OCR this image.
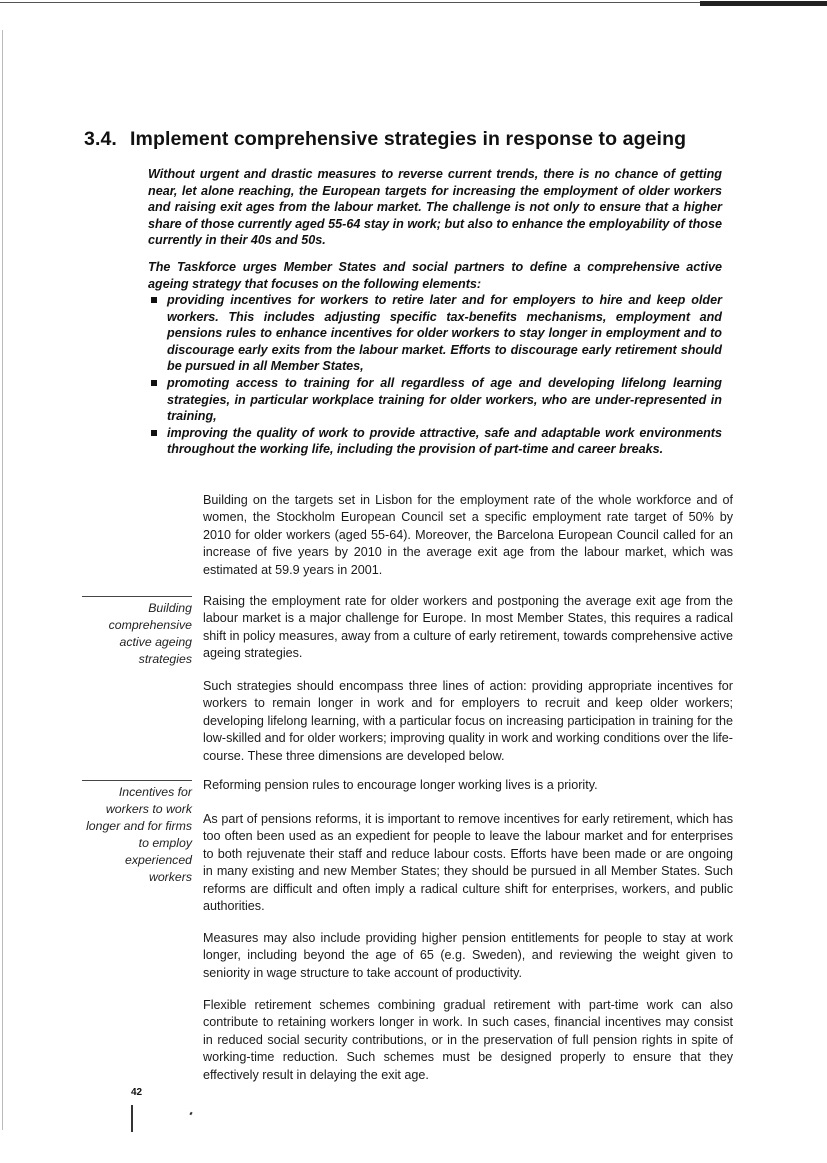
3.4. Implement comprehensive strategies in response to ageing

Without urgent and drastic measures to reverse current trends, there is no chance of getting near, let alone reaching, the European targets for increasing the employment of older workers and raising exit ages from the labour market. The challenge is not only to ensure that a higher share of those currently aged 55-64 stay in work; but also to enhance the employability of those currently in their 40s and 50s.

The Taskforce urges Member States and social partners to define a comprehensive active ageing strategy that focuses on the following elements:

providing incentives for workers to retire later and for employers to hire and keep older workers. This includes adjusting specific tax-benefits mechanisms, employment and pensions rules to enhance incentives for older workers to stay longer in employment and to discourage early exits from the labour market. Efforts to discourage early retirement should be pursued in all Member States,
promoting access to training for all regardless of age and developing lifelong learning strategies, in particular workplace training for older workers, who are under-represented in training,
improving the quality of work to provide attractive, safe and adaptable work environments throughout the working life, including the provision of part-time and career breaks.

Building on the targets set in Lisbon for the employment rate of the whole workforce and of women, the Stockholm European Council set a specific employment rate target of 50% by 2010 for older workers (aged 55-64). Moreover, the Barcelona European Council called for an increase of five years by 2010 in the average exit age from the labour market, which was estimated at 59.9 years in 2001.

Building
comprehensive
active ageing
strategies

Raising the employment rate for older workers and postponing the average exit age from the labour market is a major challenge for Europe. In most Member States, this requires a radical shift in policy measures, away from a culture of early retirement, towards comprehensive active ageing strategies.

Such strategies should encompass three lines of action: providing appropriate incentives for workers to remain longer in work and for employers to recruit and keep older workers; developing lifelong learning, with a particular focus on increasing participation in training for the low-skilled and for older workers; improving quality in work and working conditions over the life-course. These three dimensions are developed below.

Incentives for
workers to work
longer and for firms
to employ
experienced
workers

Reforming pension rules to encourage longer working lives is a priority.

As part of pensions reforms, it is important to remove incentives for early retirement, which has too often been used as an expedient for people to leave the labour market and for enterprises to both rejuvenate their staff and reduce labour costs. Efforts have been made or are ongoing in many existing and new Member States; they should be pursued in all Member States. Such reforms are difficult and often imply a radical culture shift for enterprises, workers, and public authorities.

Measures may also include providing higher pension entitlements for people to stay at work longer, including beyond the age of 65 (e.g. Sweden), and reviewing the weight given to seniority in wage structure to take account of productivity.

Flexible retirement schemes combining gradual retirement with part-time work can also contribute to retaining workers longer in work. In such cases, financial incentives may consist in reduced social security contributions, or in the preservation of full pension rights in spite of working-time reduction. Such schemes must be designed properly to ensure that they effectively result in delaying the exit age.

42
